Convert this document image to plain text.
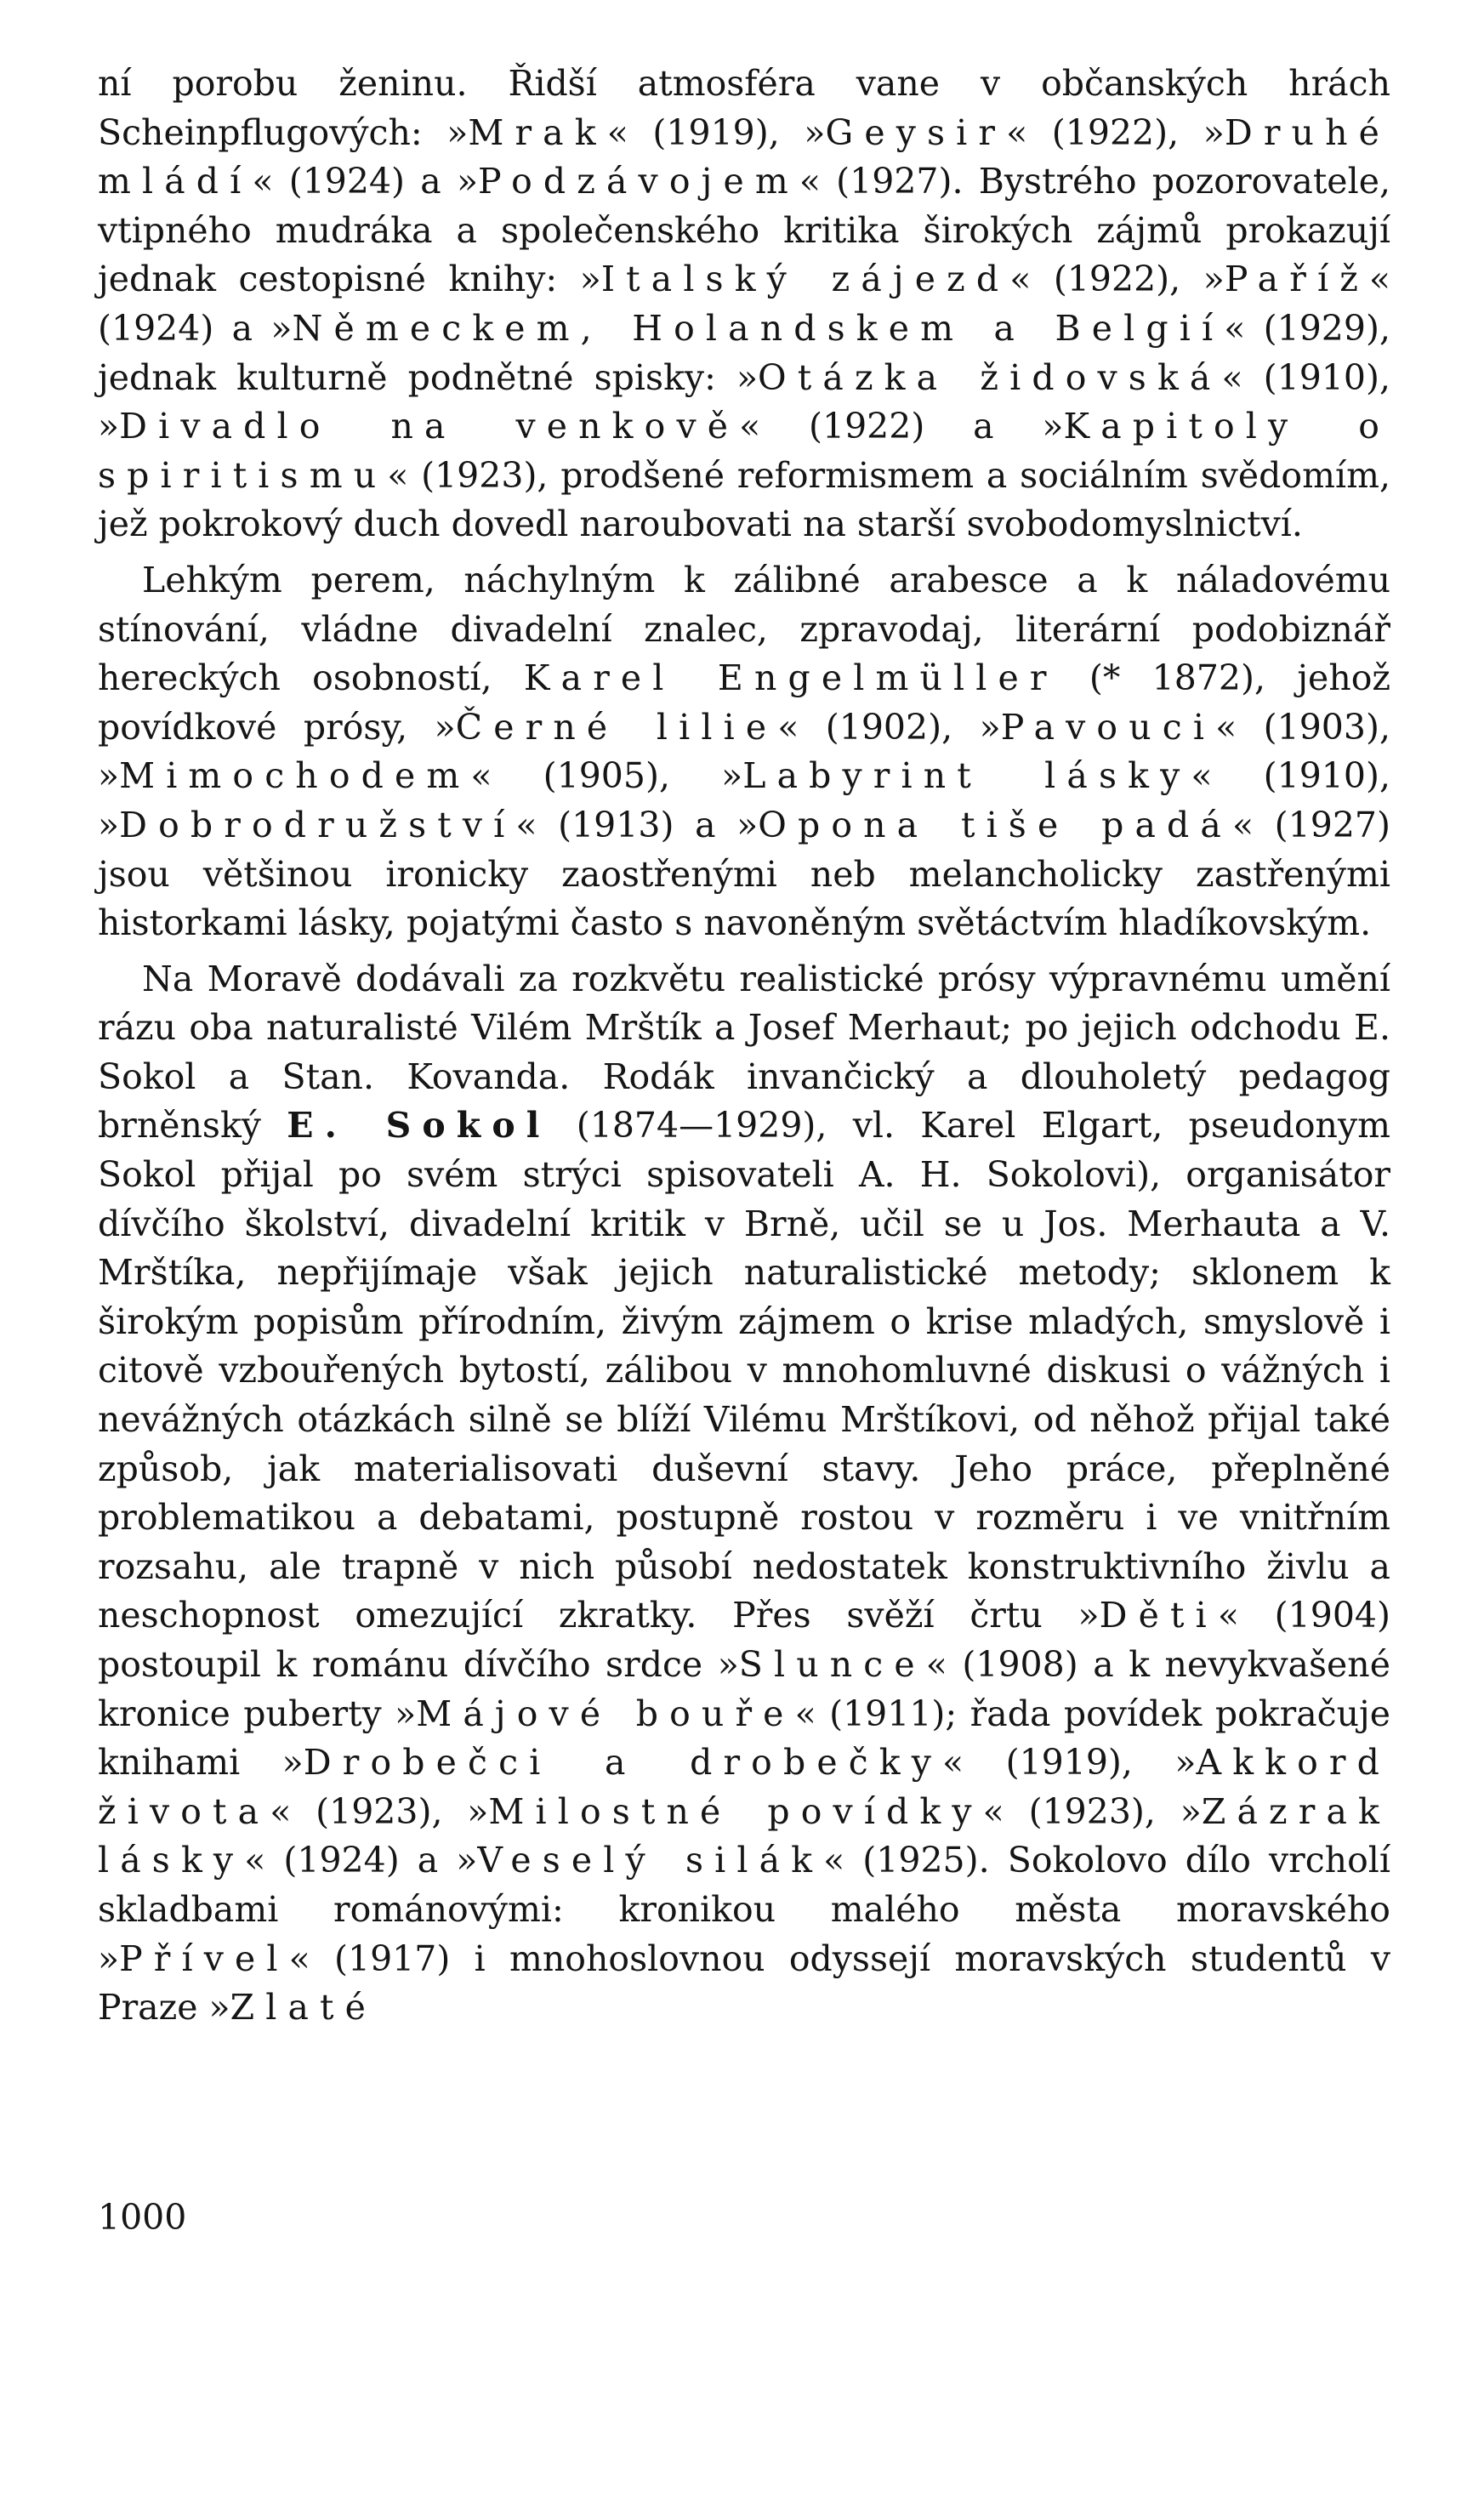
ní porobu ženinu. Řidší atmosféra vane v občanských hrách Scheinpflugových: »Mrak« (1919), »Geysir« (1922), »Druhé mládí« (1924) a »Podzávojem« (1927). Bystrého pozorovatele, vtipného mudráka a společenského kritika širokých zájmů prokazují jednak cestopisné knihy: »Italský zájezd« (1922), »Paříž« (1924) a »Německem, Holandskem a Belgií« (1929), jednak kulturně podnětné spisky: »Otázka židovská« (1910), »Divadlo na venkově« (1922) a »Kapitoly o spiritismu« (1923), prodšené reformismem a sociálním svědomím, jež pokrokový duch dovedl naroubovati na starší svobodomyslnictví.

Lehkým perem, náchylným k zálibné arabesce a k náladovému stínování, vládne divadelní znalec, zpravodaj, literární podobiznář hereckých osobností, Karel Engelmüller (* 1872), jehož povídkové prósy, »Černé lilie« (1902), »Pavouci« (1903), »Mimochodem« (1905), »Labyrint lásky« (1910), »Dobrodružství« (1913) a »Opona tiše padá« (1927) jsou většinou ironicky zaostřenými neb melancholicky zastřenými historkami lásky, pojatými často s navoněným světáctvím hladíkovským.

Na Moravě dodávali za rozkvětu realistické prósy výpravnému umění rázu oba naturalisté Vilém Mrštík a Josef Merhaut; po jejich odchodu E. Sokol a Stan. Kovanda. Rodák invančický a dlouholetý pedagog brněnský E. Sokol (1874—1929), vl. Karel Elgart, pseudonym Sokol přijal po svém strýci spisovateli A. H. Sokolovi), organisátor dívčího školství, divadelní kritik v Brně, učil se u Jos. Merhauta a V. Mrštíka, nepřijímaje však jejich naturalistické metody; sklonem k širokým popisům přírodním, živým zájmem o krise mladých, smyslově i citově vzbouřených bytostí, zálibou v mnohomluvné diskusi o vážných i nevážných otázkách silně se blíží Vilému Mrštíkovi, od něhož přijal také způsob, jak materialisovati duševní stavy. Jeho práce, přeplněné problematikou a debatami, postupně rostou v rozměru i ve vnitřním rozsahu, ale trapně v nich působí nedostatek konstruktivního živlu a neschopnost omezující zkratky. Přes svěží črtu »Děti« (1904) postoupil k románu dívčího srdce »Slunce« (1908) a k nevykvašené kronice puberty »Májové bouře« (1911); řada povídek pokračuje knihami »Drobečci a drobečky« (1919), »Akkord života« (1923), »Milostné povídky« (1923), »Zázrak lásky« (1924) a »Veselý silák« (1925). Sokolovo dílo vrcholí skladbami románovými: kronikou malého města moravského »Přível« (1917) i mnohoslovnou odyssejí moravských studentů v Praze »Zlaté

1000
